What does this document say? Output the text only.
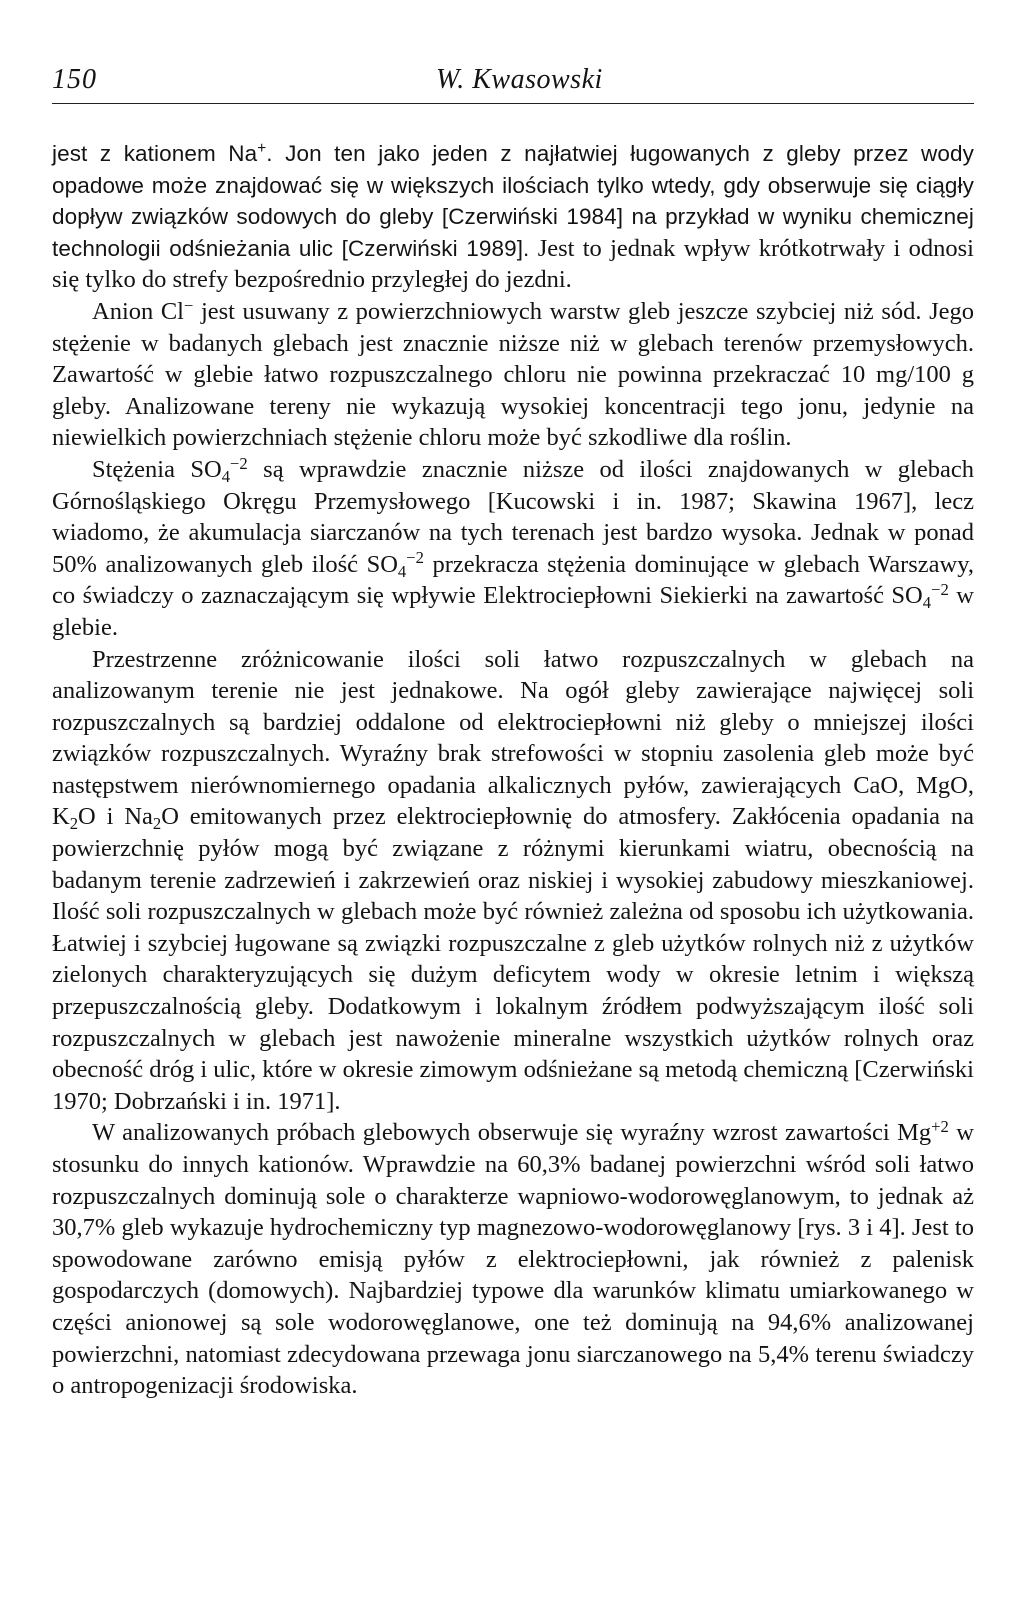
150	W. Kwasowski

jest z kationem Na+. Jon ten jako jeden z najłatwiej ługowanych z gleby przez wody opadowe może znajdować się w większych ilościach tylko wtedy, gdy obserwuje się ciągły dopływ związków sodowych do gleby [Czerwiński 1984] na przykład w wyniku chemicznej technologii odśnieżania ulic [Czerwiński 1989]. Jest to jednak wpływ krótkotrwały i odnosi się tylko do strefy bezpośrednio przyległej do jezdni.

Anion Cl− jest usuwany z powierzchniowych warstw gleb jeszcze szybciej niż sód. Jego stężenie w badanych glebach jest znacznie niższe niż w glebach terenów przemysłowych. Zawartość w glebie łatwo rozpuszczalnego chloru nie powinna przekraczać 10 mg/100 g gleby. Analizowane tereny nie wykazują wysokiej koncentracji tego jonu, jedynie na niewielkich powierzchniach stężenie chloru może być szkodliwe dla roślin.

Stężenia $SO_4^{-2}$ są wprawdzie znacznie niższe od ilości znajdowanych w glebach Górnośląskiego Okręgu Przemysłowego [Kucowski i in. 1987; Skawina 1967], lecz wiadomo, że akumulacja siarczanów na tych terenach jest bardzo wysoka. Jednak w ponad 50% analizowanych gleb ilość $SO_4^{-2}$ przekracza stężenia dominujące w glebach Warszawy, co świadczy o zaznaczającym się wpływie Elektrociepłowni Siekierki na zawartość $SO_4^{-2}$ w glebie.

Przestrzenne zróżnicowanie ilości soli łatwo rozpuszczalnych w glebach na analizowanym terenie nie jest jednakowe. Na ogół gleby zawierające najwięcej soli rozpuszczalnych są bardziej oddalone od elektrociepłowni niż gleby o mniejszej ilości związków rozpuszczalnych. Wyraźny brak strefowości w stopniu zasolenia gleb może być następstwem nierównomiernego opadania alkalicznych pyłów, zawierających CaO, MgO, $K_2O$ i $Na_2O$ emitowanych przez elektrociepłownię do atmosfery. Zakłócenia opadania na powierzchnię pyłów mogą być związane z różnymi kierunkami wiatru, obecnością na badanym terenie zadrzewień i zakrzewień oraz niskiej i wysokiej zabudowy mieszkaniowej. Ilość soli rozpuszczalnych w glebach może być również zależna od sposobu ich użytkowania. Łatwiej i szybciej ługowane są związki rozpuszczalne z gleb użytków rolnych niż z użytków zielonych charakteryzujących się dużym deficytem wody w okresie letnim i większą przepuszczalnością gleby. Dodatkowym i lokalnym źródłem podwyższającym ilość soli rozpuszczalnych w glebach jest nawożenie mineralne wszystkich użytków rolnych oraz obecność dróg i ulic, które w okresie zimowym odśnieżane są metodą chemiczną [Czerwiński 1970; Dobrzański i in. 1971].

W analizowanych próbach glebowych obserwuje się wyraźny wzrost zawartości $Mg^{+2}$ w stosunku do innych kationów. Wprawdzie na 60,3% badanej powierzchni wśród soli łatwo rozpuszczalnych dominują sole o charakterze wapniowo-wodorowęglanowym, to jednak aż 30,7% gleb wykazuje hydrochemiczny typ magnezowo-wodorowęglanowy [rys. 3 i 4]. Jest to spowodowane zarówno emisją pyłów z elektrociepłowni, jak również z palenisk gospodarczych (domowych). Najbardziej typowe dla warunków klimatu umiarkowanego w części anionowej są sole wodorowęglanowe, one też dominują na 94,6% analizowanej powierzchni, natomiast zdecydowana przewaga jonu siarczanowego na 5,4% terenu świadczy o antropogenizacji środowiska.
